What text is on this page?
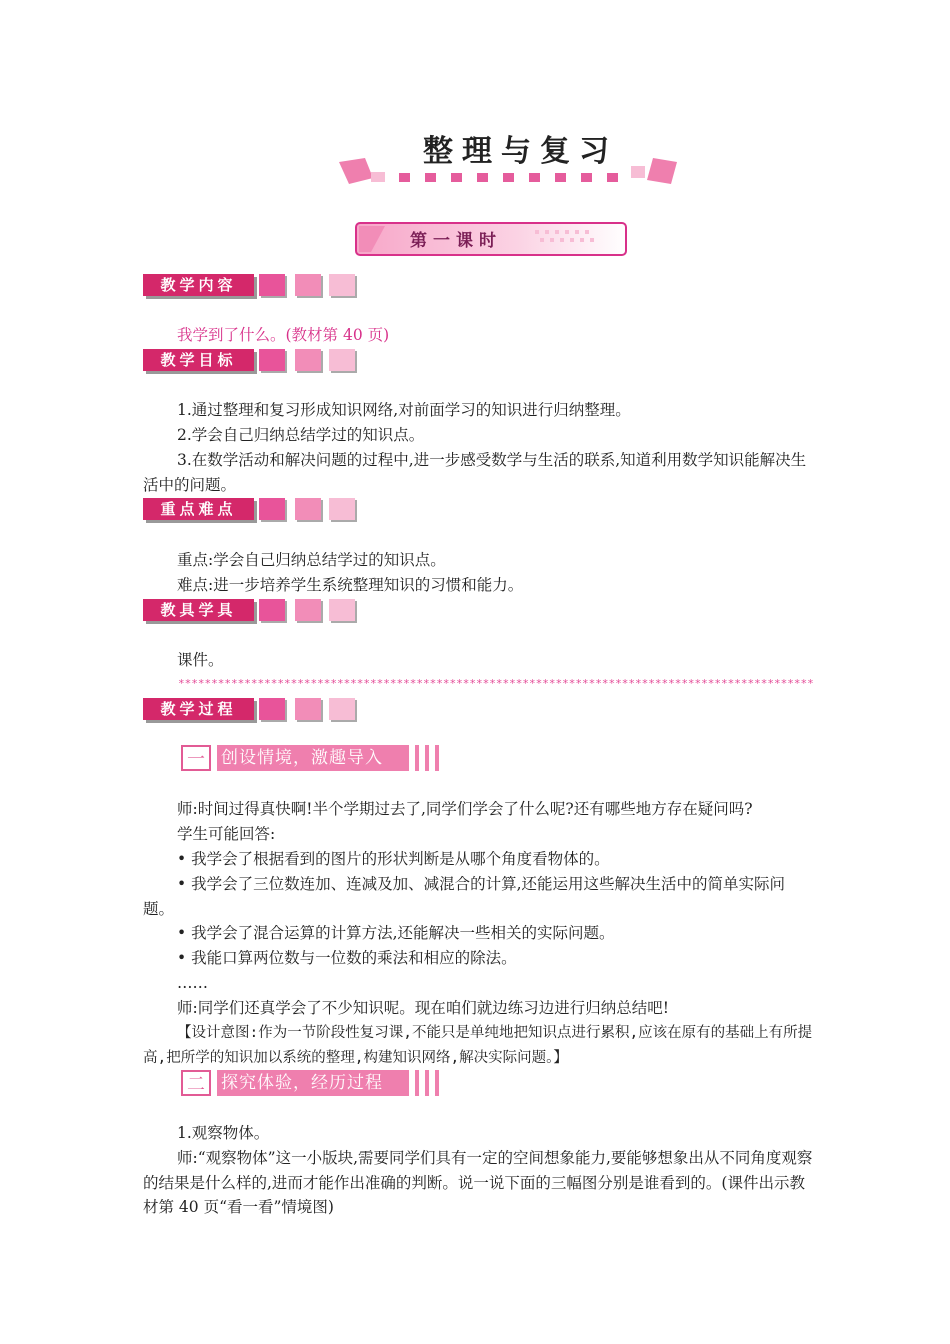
整理与复习
第一课时
教学内容

我学到了什么。(教材第 40 页)

教学目标

1.通过整理和复习形成知识网络,对前面学习的知识进行归纳整理。

2.学会自己归纳总结学过的知识点。

3.在数学活动和解决问题的过程中,进一步感受数学与生活的联系,知道利用数学知识能解决生活中的问题。

重点难点

重点:学会自己归纳总结学过的知识点。

难点:进一步培养学生系统整理知识的习惯和能力。

教具学具

课件。

************************************************************************************************
教学过程
一 创设情境，激趣导入

师:时间过得真快啊!半个学期过去了,同学们学会了什么呢?还有哪些地方存在疑问吗?

学生可能回答:

• 我学会了根据看到的图片的形状判断是从哪个角度看物体的。

• 我学会了三位数连加、连减及加、减混合的计算,还能运用这些解决生活中的简单实际问题。

• 我学会了混合运算的计算方法,还能解决一些相关的实际问题。

• 我能口算两位数与一位数的乘法和相应的除法。

……

师:同学们还真学会了不少知识呢。现在咱们就边练习边进行归纳总结吧!

【设计意图:作为一节阶段性复习课,不能只是单纯地把知识点进行累积,应该在原有的基础上有所提高,把所学的知识加以系统的整理,构建知识网络,解决实际问题。】

二 探究体验，经历过程

1.观察物体。

师:“观察物体”这一小版块,需要同学们具有一定的空间想象能力,要能够想象出从不同角度观察的结果是什么样的,进而才能作出准确的判断。说一说下面的三幅图分别是谁看到的。(课件出示教材第 40 页“看一看”情境图)
